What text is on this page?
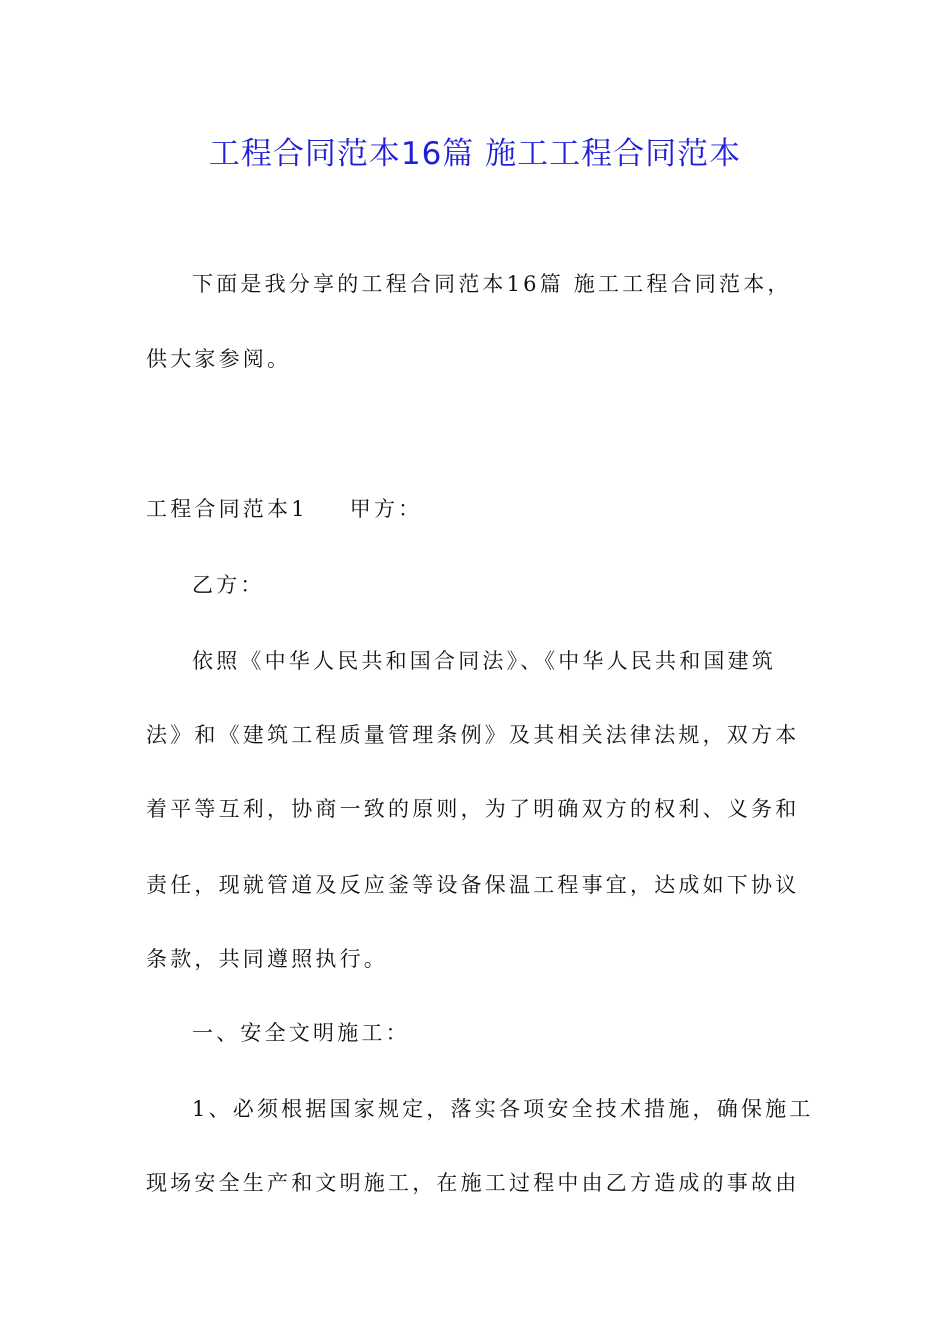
工程合同范本16篇 施工工程合同范本
下面是我分享的工程合同范本16篇 施工工程合同范本，
供大家参阅。
工程合同范本1 甲方：
乙方：
依照《中华人民共和国合同法》、《中华人民共和国建筑
法》和《建筑工程质量管理条例》及其相关法律法规，双方本
着平等互利，协商一致的原则，为了明确双方的权利、义务和
责任，现就管道及反应釜等设备保温工程事宜，达成如下协议
条款，共同遵照执行。
一、安全文明施工：
1、必须根据国家规定，落实各项安全技术措施，确保施工
现场安全生产和文明施工，在施工过程中由乙方造成的事故由
